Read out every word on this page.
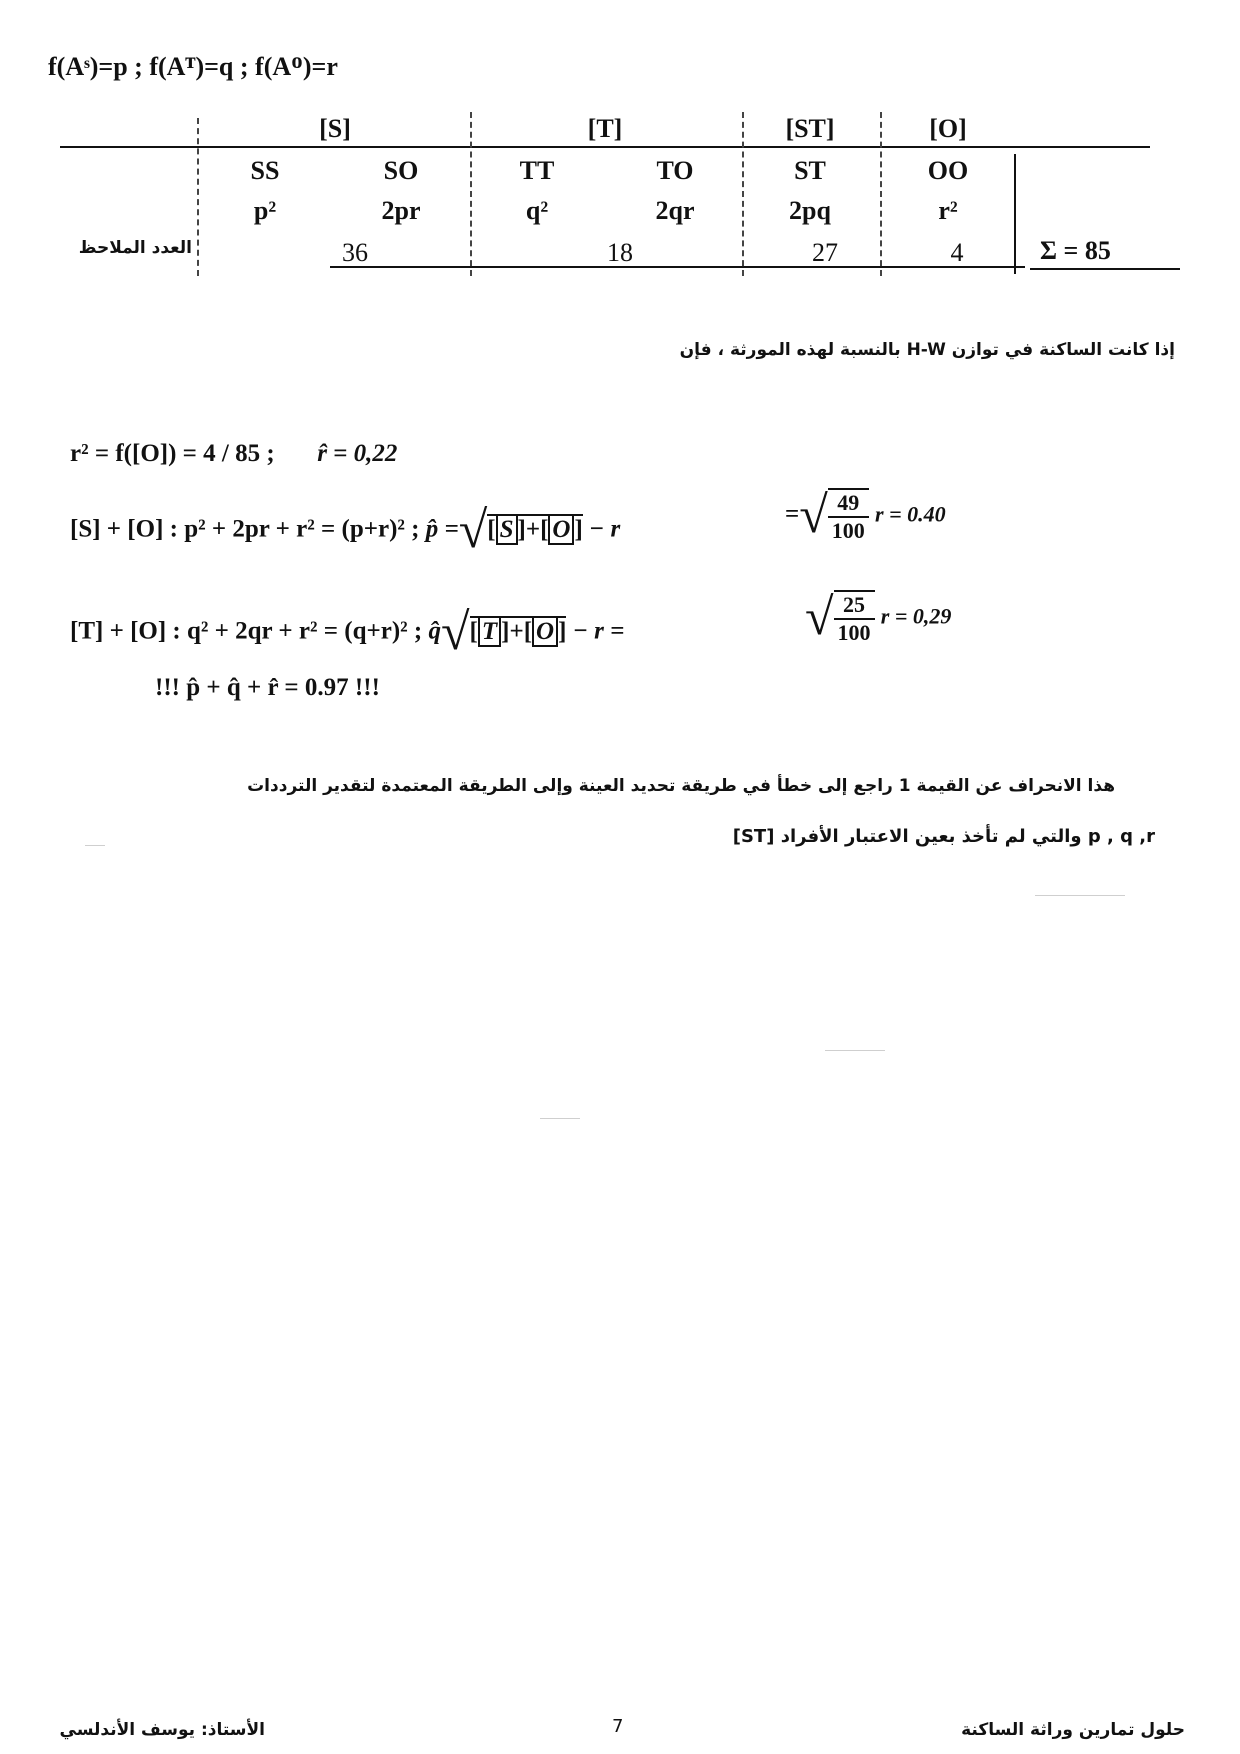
f(Aˢ)=p ; f(Aᵀ)=q ; f(Aᴼ)=r
[S]	[T]	[ST]	[O]
SS	SO	TT	TO	ST	OO
p²	2pr	q²	2qr	2pq	r²
العدد الملاحظ	36	18	27	4	Σ = 85
إذا كانت الساكنة في توازن H-W بالنسبة لهذه المورثة ، فإن
r² = f([O]) = 4 / 85 ; r̂ = 0,22
[S] + [O] : p² + 2pr + r² = (p+r)² ; p̂ =√[ S ]+[ O ] − r
=√ $\frac{49}{100}$ r = 0.40
[T] + [O] : q² + 2qr + r² = (q+r)² ; q̂√[ T ]+[ O ] − r =	√ $\frac{25}{100}$ r = 0,29
!!! p̂ + q̂ + r̂ = 0.97 !!!
هذا الانحراف عن القيمة 1 راجع إلى خطأ في طريقة تحديد العينة وإلى الطريقة المعتمدة لتقدير الترددات
p , q ,r والتي لم تأخذ بعين الاعتبار الأفراد [ST]
حلول تمارين وراثة الساكنة
7
الأستاذ: يوسف الأندلسي
